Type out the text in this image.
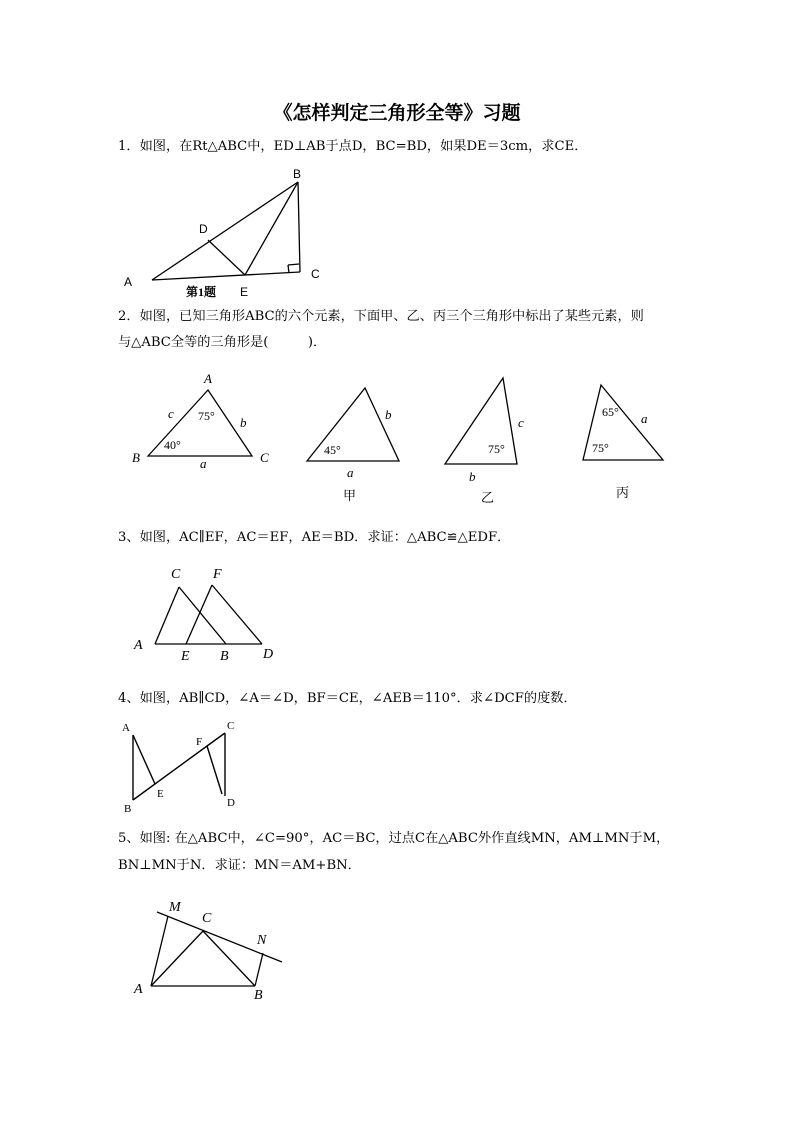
《怎样判定三角形全等》习题
1．如图，在Rt△ABC中，ED⊥AB于点D，BC=BD，如果DE＝3cm，求CE．
B
D
A
C
E
第1题
2．如图，已知三角形ABC的六个元素，下面甲、乙、丙三个三角形中标出了某些元素，则
与△ABC全等的三角形是(　　　)．
A
B	C
c
b
a
b
a
c
b
a
75°
40°	45°	75°
65°
75°
甲	乙	丙
3、如图，AC∥EF，AC＝EF，AE＝BD．求证：△ABC≌△EDF．
C F
A
E B D
4、如图，AB∥CD，∠A＝∠D，BF＝CE，∠AEB＝110°．求∠DCF的度数．
A
B
E
F
C
D
5、如图: 在△ABC中，∠C=90°，AC＝BC，过点C在△ABC外作直线MN，AM⊥MN于M，
BN⊥MN于N．求证：MN＝AM+BN．
M
C
N
A	B
